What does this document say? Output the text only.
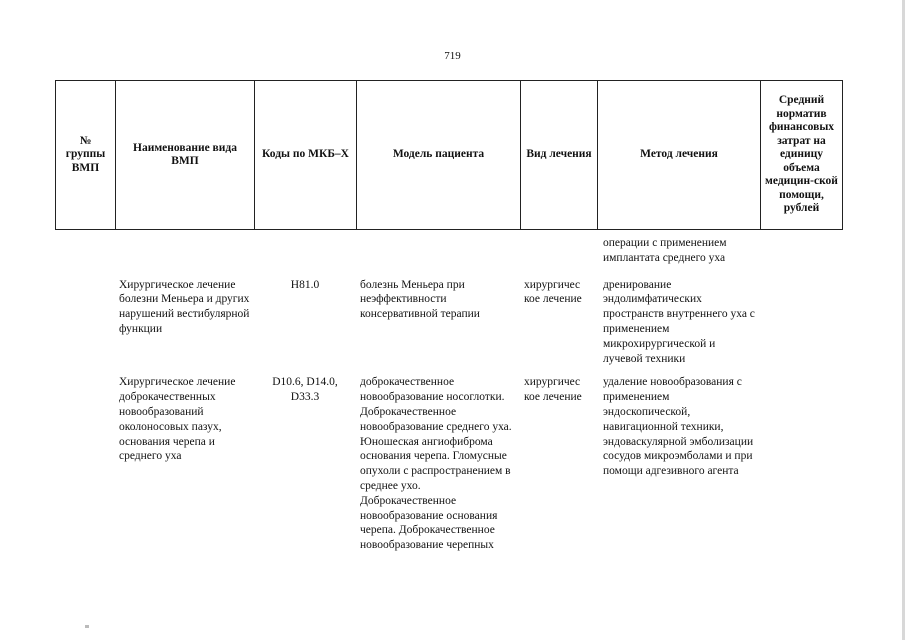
719
№ группы ВМП	Наименование вида ВМП	Коды по МКБ–Х	Модель пациента	Вид лечения	Метод лечения	Средний норматив финансовых затрат на единицу объема медицин-ской помощи, рублей
					операции с применением имплантата среднего уха	
	Хирургическое лечение болезни Меньера и других нарушений вестибулярной функции	H81.0	болезнь Меньера при неэффективности консервативной терапии	хирургичес кое лечение	дренирование эндолимфатических пространств внутреннего уха с применением микрохирургической и лучевой техники	
	Хирургическое лечение доброкачественных новообразований околоносовых пазух, основания черепа и среднего уха	D10.6, D14.0, D33.3	доброкачественное новообразование носоглотки. Доброкачественное новообразование среднего уха. Юношеская ангиофиброма основания черепа. Гломусные опухоли с распространением в среднее ухо. Доброкачественное новообразование основания черепа. Доброкачественное новообразование черепных	хирургичес кое лечение	удаление новообразования с применением эндоскопической, навигационной техники, эндоваскулярной эмболизации сосудов микроэмболами и при помощи адгезивного агента	
